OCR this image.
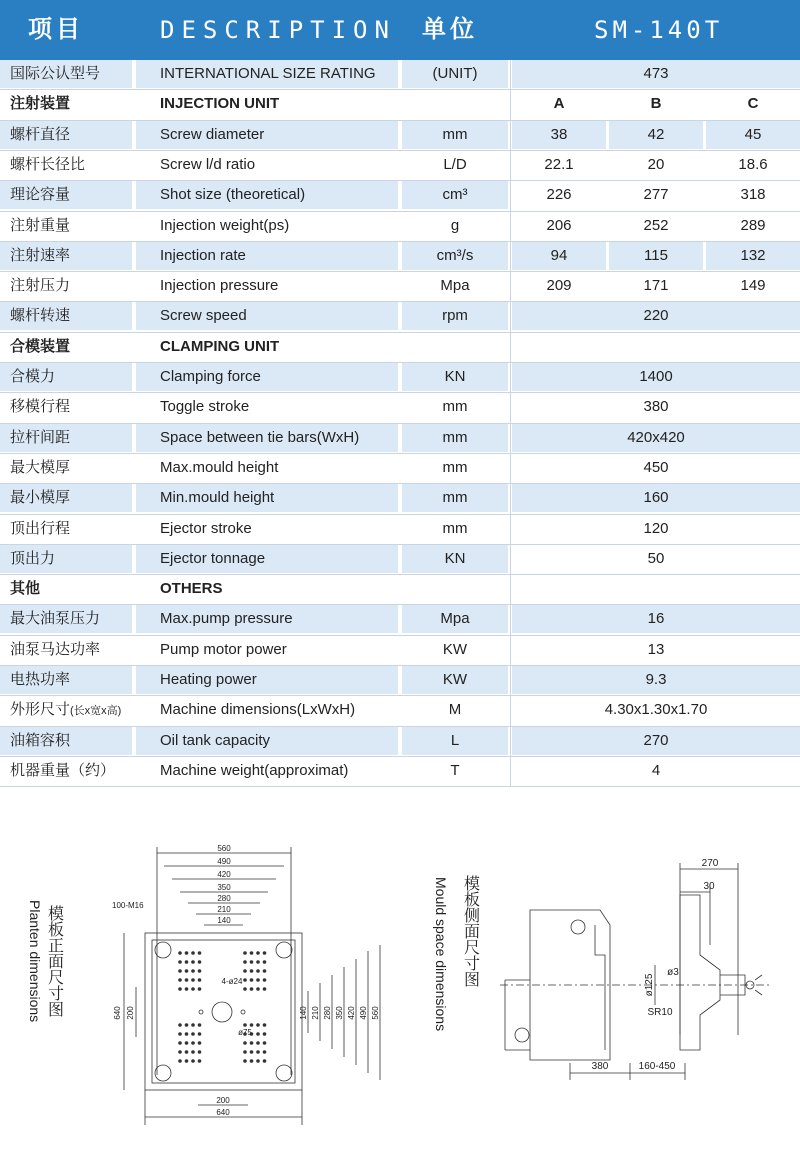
项目	DESCRIPTION 单位	SM-140T
国际公认型号	INTERNATIONAL SIZE RATING	(UNIT)	473
注射装置	INJECTION UNIT	A	B	C
螺杆直径	Screw diameter	mm	38	42	45
螺杆长径比	Screw l/d ratio	L/D	22.1	20	18.6
理论容量	Shot size (theoretical)	cm³	226	277	318
注射重量	Injection weight(ps)	g	206	252	289
注射速率	Injection rate	cm³/s	94	115	132
注射压力	Injection pressure	Mpa	209	171	149
螺杆转速	Screw speed	rpm	220
合模装置	CLAMPING UNIT
合模力	Clamping force	KN	1400
移模行程	Toggle stroke	mm	380
拉杆间距	Space between tie bars(WxH)	mm	420x420
最大模厚	Max.mould height	mm	450
最小模厚	Min.mould height	mm	160
顶出行程	Ejector stroke	mm	120
顶出力	Ejector tonnage	KN	50
其他	OTHERS
最大油泵压力	Max.pump pressure	Mpa	16
油泵马达功率	Pump motor power	KW	13
电热功率	Heating power	KW	9.3
外形尺寸(长x宽x高)	Machine dimensions(LxWxH)	M	4.30x1.30x1.70
油箱容积	Oil tank capacity	L	270
机器重量（约）	Machine weight(approximat)	T	4
560
490
420
350
280
210
140
100-M16
4-ø24
ø75
200
640
640 200	140 210 280 350 420 490 560
模板正面尺寸图
Planten dimensions
270
30
ø125
ø3
SR10
380	160-450
模板侧面尺寸图
Mould space dimensions
